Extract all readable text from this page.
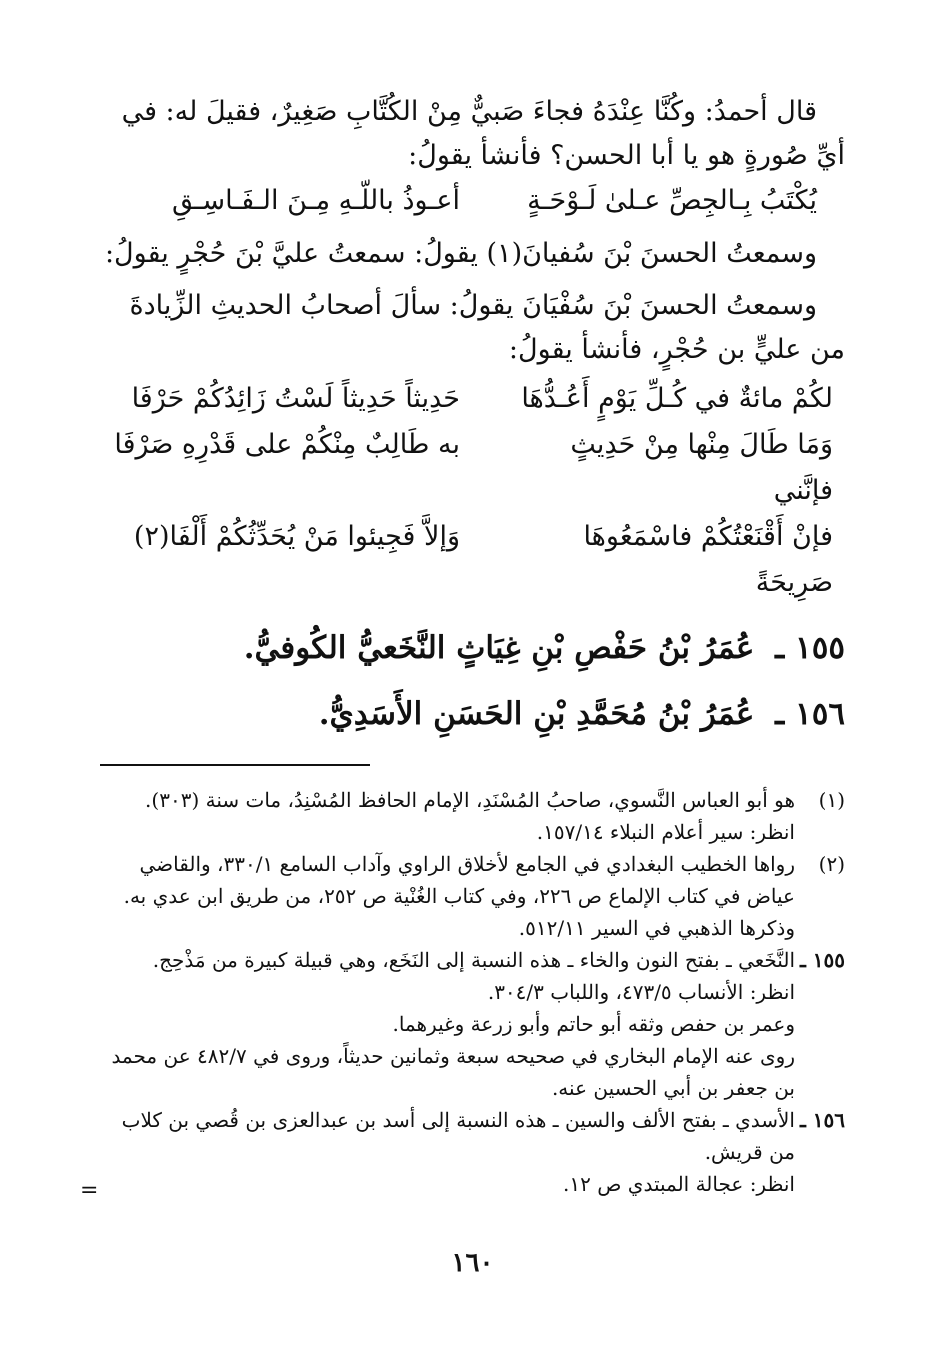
قال أحمدُ: وكُنَّا عِنْدَهُ فجاءَ صَبيٌّ مِنْ الكُتَّابِ صَغِيرٌ، فقيلَ له: في أيِّ صُورةٍ هو يا أبا الحسن؟ فأنشأ يقولُ:

يُكْتَبُ بِـالجِصِّ عـلىٰ لَـوْحَـةٍ
أعـوذُ باللّـهِ مِـنَ الـفَـاسِـقِ

وسمعتُ الحسنَ بْنَ سُفيانَ(١) يقولُ: سمعتُ عليَّ بْنَ حُجْرٍ يقولُ:

وسمعتُ الحسنَ بْنَ سُفْيَانَ يقولُ: سألَ أصحابُ الحديثِ الزِّيادةَ من عليٍّ بن حُجْرٍ، فأنشأ يقولُ:

لكُمْ مائةٌ في كُـلِّ يَوْمٍ أَعُـدُّهَا
حَدِيثاً حَدِيثاً لَسْتُ زَائِدُكُمْ حَرْفَا
وَمَا طَالَ مِنْها مِنْ حَدِيثٍ فإنَّني
به طَالِبٌ مِنْكُمْ على قَدْرِهِ صَرْفَا
فإنْ أَقْنَعْتُكُمْ فاسْمَعُوهَا صَرِيحَةً
وَإلاَّ فَجِيئوا مَنْ يُحَدِّثُكُمْ أَلْفَا(٢)
١٥٥ ـ عُمَرُ بْنُ حَفْصِ بْنِ غِيَاثٍ النَّخَعيُّ الكُوفيُّ.
١٥٦ ـ عُمَرُ بْنُ مُحَمَّدِ بْنِ الحَسَنِ الأَسَدِيُّ.
(١)

هو أبو العباس النَّسوي، صاحبُ المُسْنَدِ، الإمام الحافظ المُسْنِدُ، مات سنة (٣٠٣).

انظر: سير أعلام النبلاء ١٥٧/١٤.

(٢)

رواها الخطيب البغدادي في الجامع لأخلاق الراوي وآداب السامع ٣٣٠/١، والقاضي عياض في كتاب الإلماع ص ٢٢٦، وفي كتاب الغُنْية ص ٢٥٢، من طريق ابن عدي به.

وذكرها الذهبي في السير ٥١٢/١١.

١٥٥ ـ

النَّخَعي ـ بفتح النون والخاء ـ هذه النسبة إلى النَخَع، وهي قبيلة كبيرة من مَذْحِج.

انظر: الأنساب ٤٧٣/٥، واللباب ٣٠٤/٣.

وعمر بن حفص وثقه أبو حاتم وأبو زرعة وغيرهما.

روى عنه الإمام البخاري في صحيحه سبعة وثمانين حديثاً، وروى في ٤٨٢/٧ عن محمد بن جعفر بن أبي الحسين عنه.

١٥٦ ـ

الأسدي ـ بفتح الألف والسين ـ هذه النسبة إلى أسد بن عبدالعزى بن قُصي بن كلاب من قريش.

انظر: عجالة المبتدي ص ١٢.

=
١٦٠
